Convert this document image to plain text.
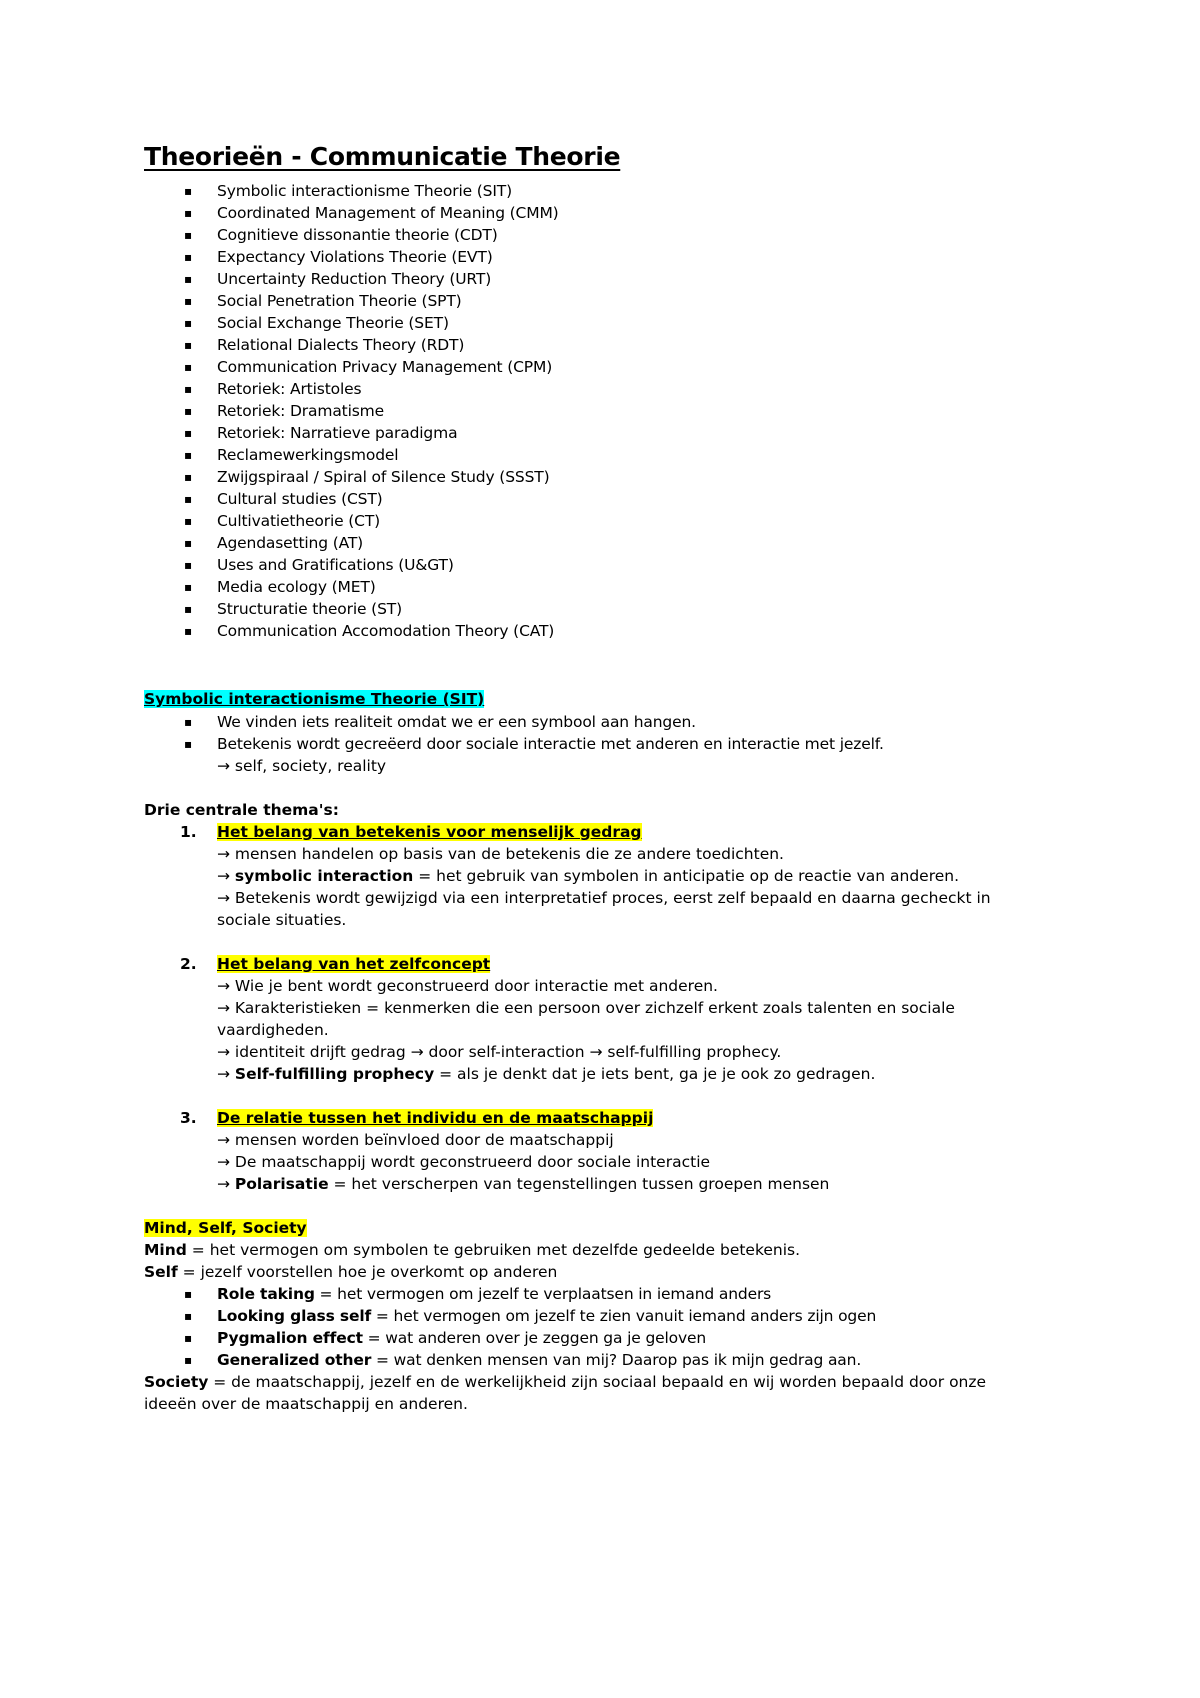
Theorieën - Communicatie Theorie
▪ Symbolic interactionisme Theorie (SIT)
▪ Coordinated Management of Meaning (CMM)
▪ Cognitieve dissonantie theorie (CDT)
▪ Expectancy Violations Theorie (EVT)
▪ Uncertainty Reduction Theory (URT)
▪ Social Penetration Theorie (SPT)
▪ Social Exchange Theorie (SET)
▪ Relational Dialects Theory (RDT)
▪ Communication Privacy Management (CPM)
▪ Retoriek: Artistoles
▪ Retoriek: Dramatisme
▪ Retoriek: Narratieve paradigma
▪ Reclamewerkingsmodel
▪ Zwijgspiraal / Spiral of Silence Study (SSST)
▪ Cultural studies (CST)
▪ Cultivatietheorie (CT)
▪ Agendasetting (AT)
▪ Uses and Gratifications (U&GT)
▪ Media ecology (MET)
▪ Structuratie theorie (ST)
▪ Communication Accomodation Theory (CAT)
Symbolic interactionisme Theorie (SIT)
▪ We vinden iets realiteit omdat we er een symbool aan hangen.
▪ Betekenis wordt gecreëerd door sociale interactie met anderen en interactie met jezelf.
→ self, society, reality
Drie centrale thema's:
1. Het belang van betekenis voor menselijk gedrag
→ mensen handelen op basis van de betekenis die ze andere toedichten.
→ symbolic interaction = het gebruik van symbolen in anticipatie op de reactie van anderen.
→ Betekenis wordt gewijzigd via een interpretatief proces, eerst zelf bepaald en daarna gecheckt in
sociale situaties.
2. Het belang van het zelfconcept
→ Wie je bent wordt geconstrueerd door interactie met anderen.
→ Karakteristieken = kenmerken die een persoon over zichzelf erkent zoals talenten en sociale
vaardigheden.
→ identiteit drijft gedrag → door self-interaction → self-fulfilling prophecy.
→ Self-fulfilling prophecy = als je denkt dat je iets bent, ga je je ook zo gedragen.
3. De relatie tussen het individu en de maatschappij
→ mensen worden beïnvloed door de maatschappij
→ De maatschappij wordt geconstrueerd door sociale interactie
→ Polarisatie = het verscherpen van tegenstellingen tussen groepen mensen
Mind, Self, Society
Mind = het vermogen om symbolen te gebruiken met dezelfde gedeelde betekenis.
Self = jezelf voorstellen hoe je overkomt op anderen
▪ Role taking = het vermogen om jezelf te verplaatsen in iemand anders
▪ Looking glass self = het vermogen om jezelf te zien vanuit iemand anders zijn ogen
▪ Pygmalion effect = wat anderen over je zeggen ga je geloven
▪ Generalized other = wat denken mensen van mij? Daarop pas ik mijn gedrag aan.
Society = de maatschappij, jezelf en de werkelijkheid zijn sociaal bepaald en wij worden bepaald door onze
ideeën over de maatschappij en anderen.
